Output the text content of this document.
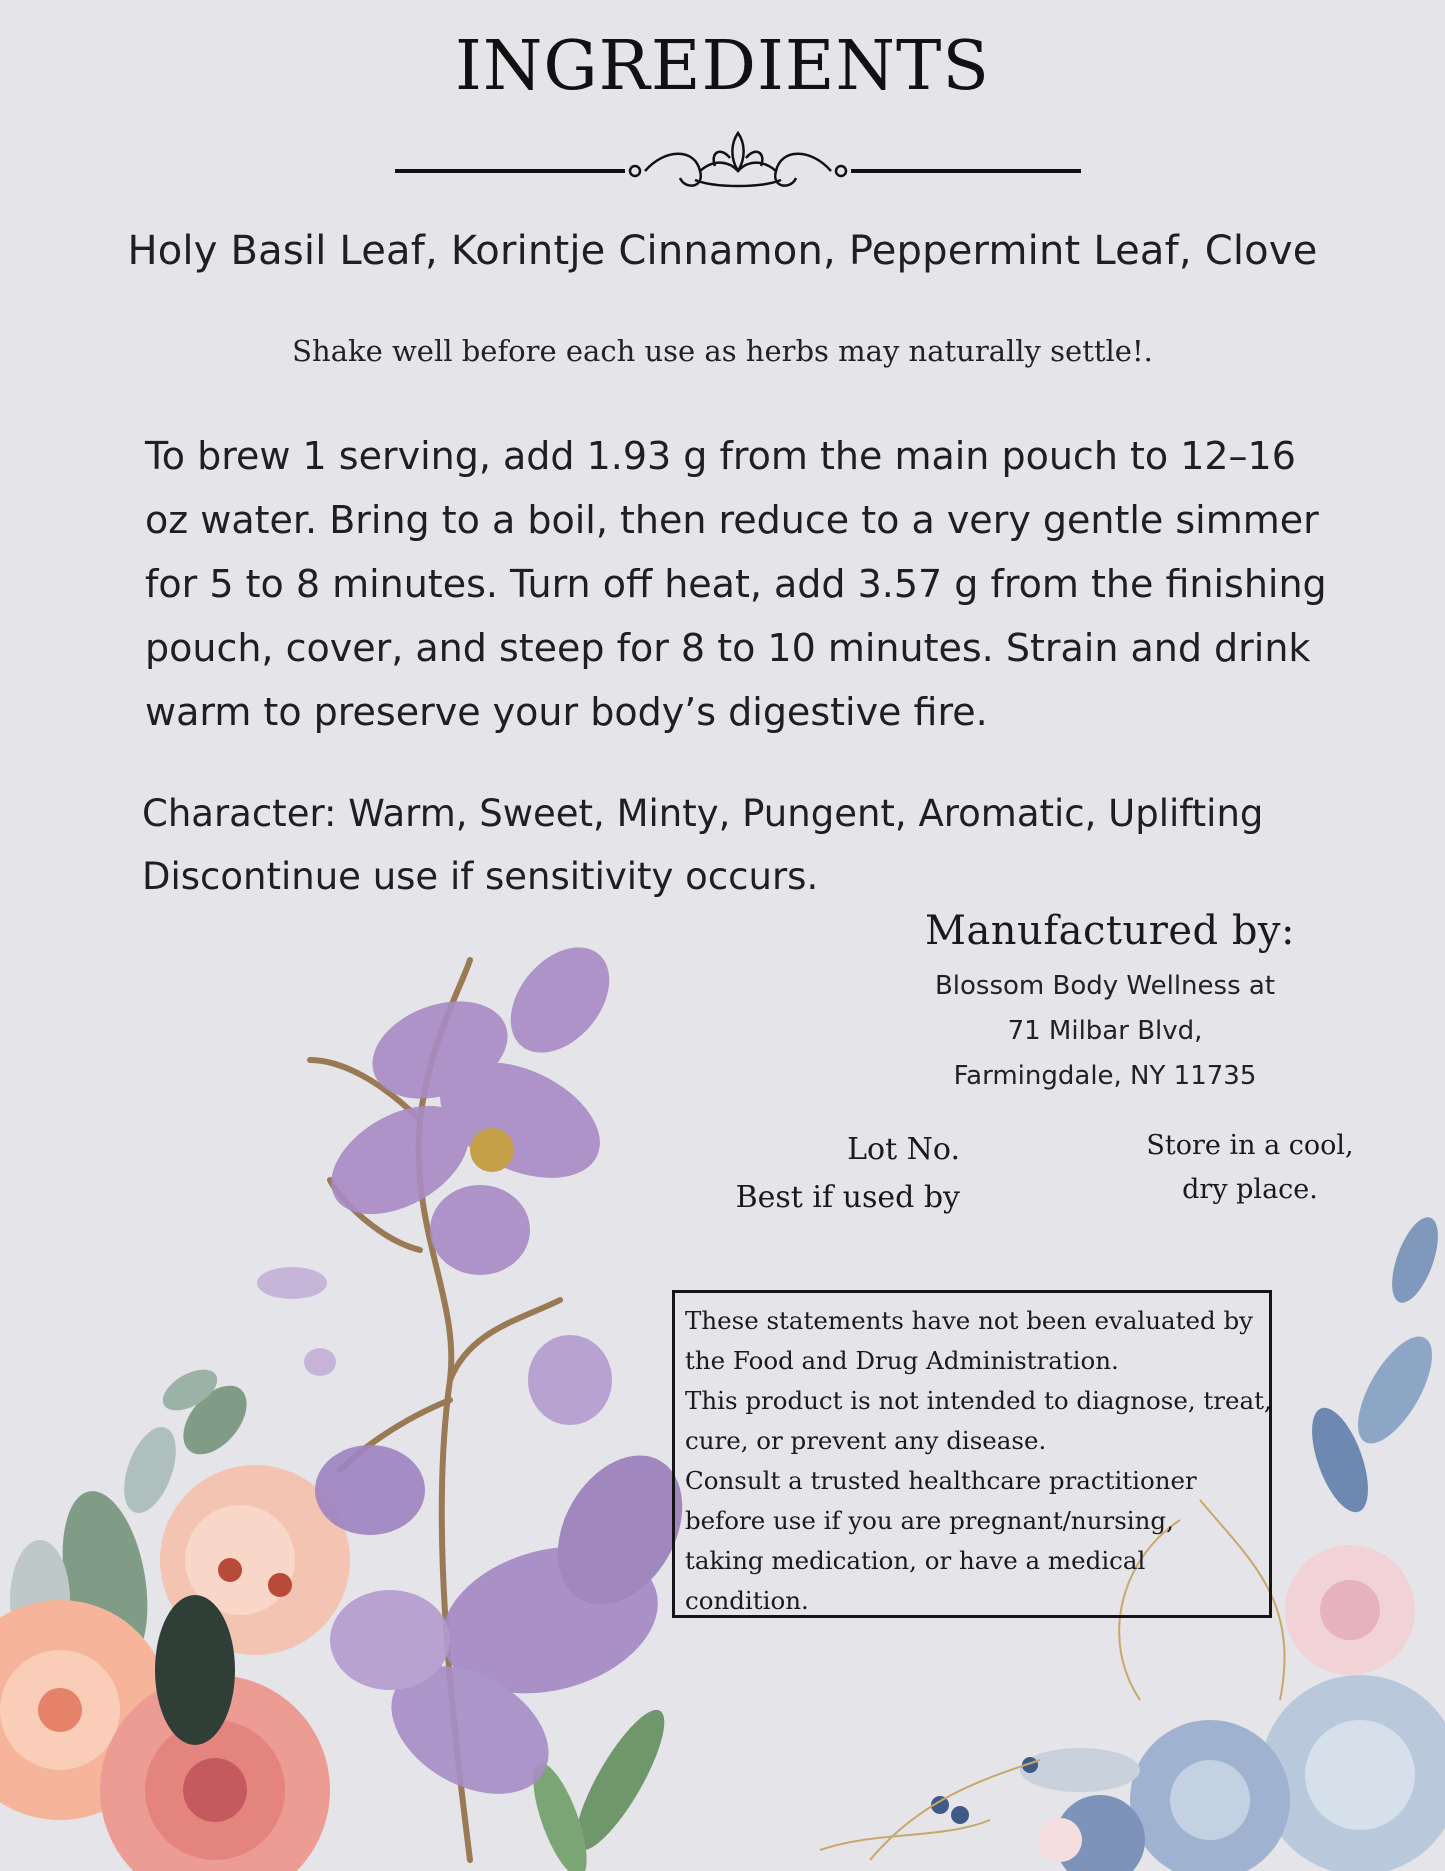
INGREDIENTS
Holy Basil Leaf, Korintje Cinnamon, Peppermint Leaf, Clove
Shake well before each use as herbs may naturally settle!.
To brew 1 serving, add 1.93 g from the main pouch to 12–16
oz water. Bring to a boil, then reduce to a very gentle simmer
for 5 to 8 minutes. Turn off heat, add 3.57 g from the finishing
pouch, cover, and steep for 8 to 10 minutes. Strain and drink
warm to preserve your body’s digestive fire.
Character: Warm, Sweet, Minty, Pungent, Aromatic, Uplifting
Discontinue use if sensitivity occurs.
Manufactured by:
Blossom Body Wellness at
71 Milbar Blvd,
Farmingdale, NY 11735
Lot No.
Best if used by
Store in a cool,
dry place.
These statements have not been evaluated by
the Food and Drug Administration.
This product is not intended to diagnose, treat,
cure, or prevent any disease.
Consult a trusted healthcare practitioner
before use if you are pregnant/nursing,
taking medication, or have a medical
condition.
